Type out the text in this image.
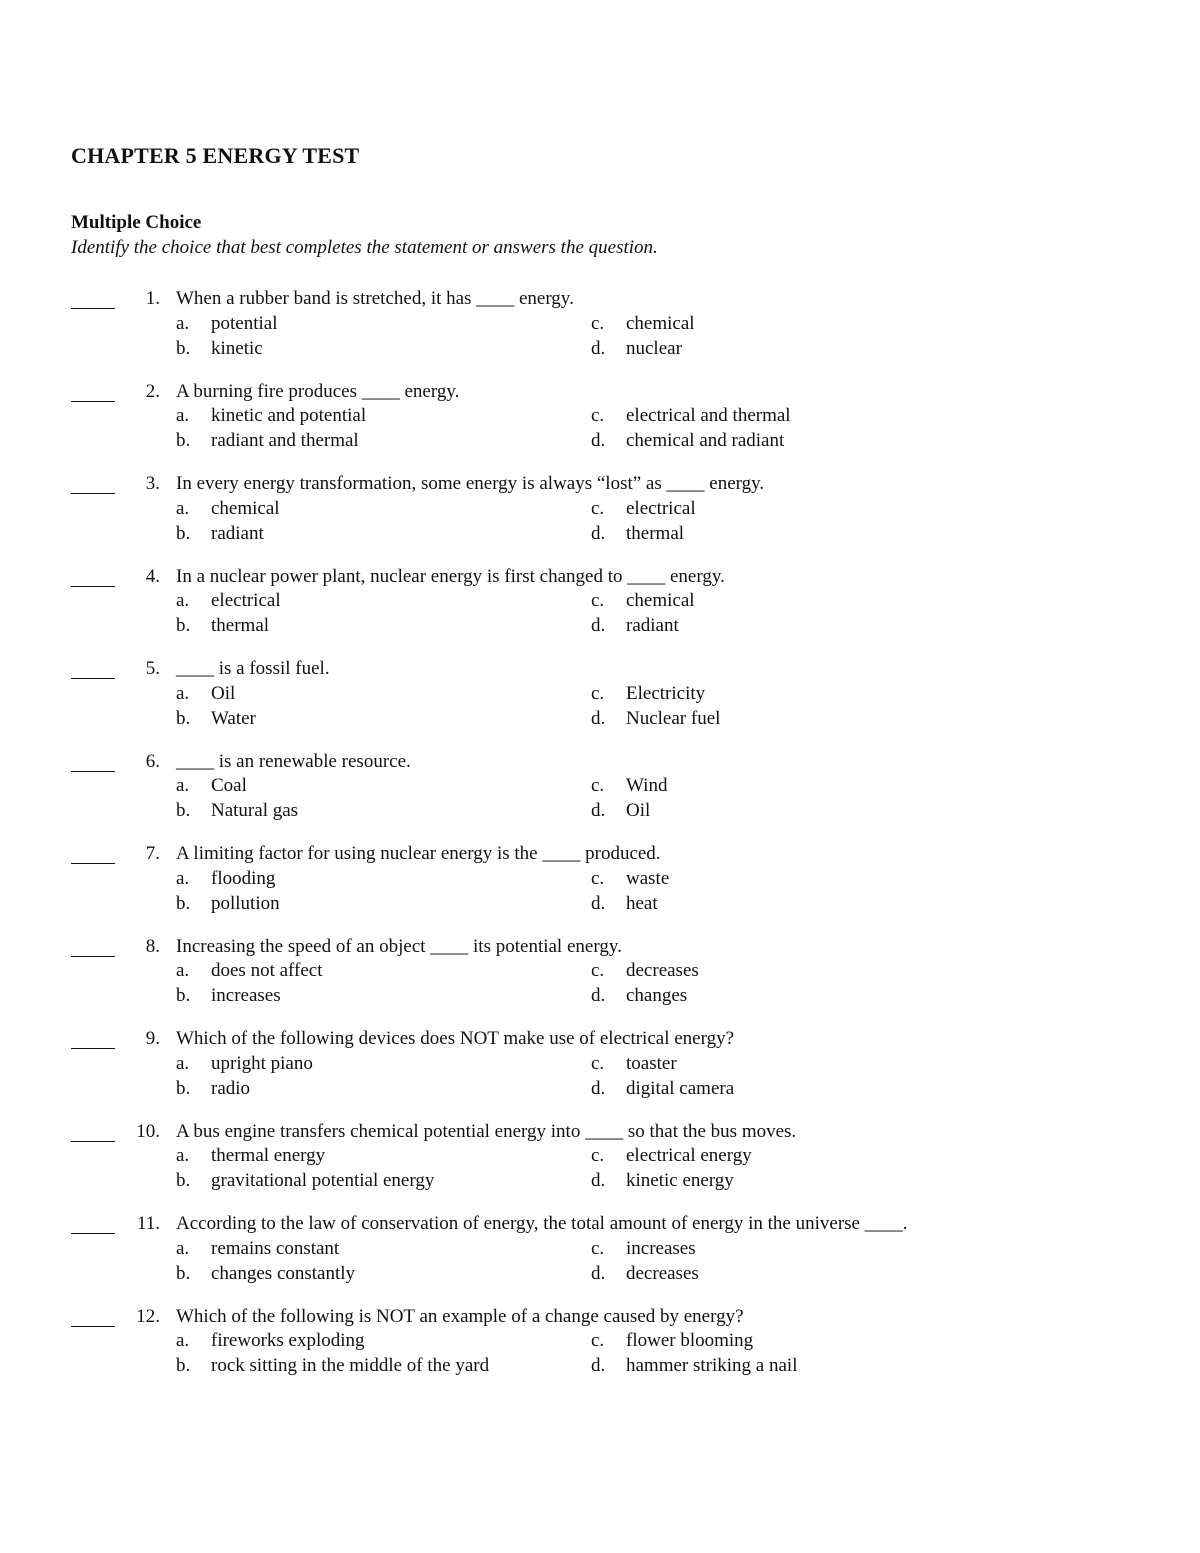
CHAPTER 5 ENERGY TEST
Multiple Choice

Identify the choice that best completes the statement or answers the question.

1. When a rubber band is stretched, it has ____ energy.
a. potential
b. kinetic
c. chemical
d. nuclear
2. A burning fire produces ____ energy.
a. kinetic and potential
b. radiant and thermal
c. electrical and thermal
d. chemical and radiant
3. In every energy transformation, some energy is always “lost” as ____ energy.
a. chemical
b. radiant
c. electrical
d. thermal
4. In a nuclear power plant, nuclear energy is first changed to ____ energy.
a. electrical
b. thermal
c. chemical
d. radiant
5. ____ is a fossil fuel.
a. Oil
b. Water
c. Electricity
d. Nuclear fuel
6. ____ is an renewable resource.
a. Coal
b. Natural gas
c. Wind
d. Oil
7. A limiting factor for using nuclear energy is the ____ produced.
a. flooding
b. pollution
c. waste
d. heat
8. Increasing the speed of an object ____ its potential energy.
a. does not affect
b. increases
c. decreases
d. changes
9. Which of the following devices does NOT make use of electrical energy?
a. upright piano
b. radio
c. toaster
d. digital camera
10. A bus engine transfers chemical potential energy into ____ so that the bus moves.
a. thermal energy
b. gravitational potential energy
c. electrical energy
d. kinetic energy
11. According to the law of conservation of energy, the total amount of energy in the universe ____.
a. remains constant
b. changes constantly
c. increases
d. decreases
12. Which of the following is NOT an example of a change caused by energy?
a. fireworks exploding
b. rock sitting in the middle of the yard
c. flower blooming
d. hammer striking a nail
